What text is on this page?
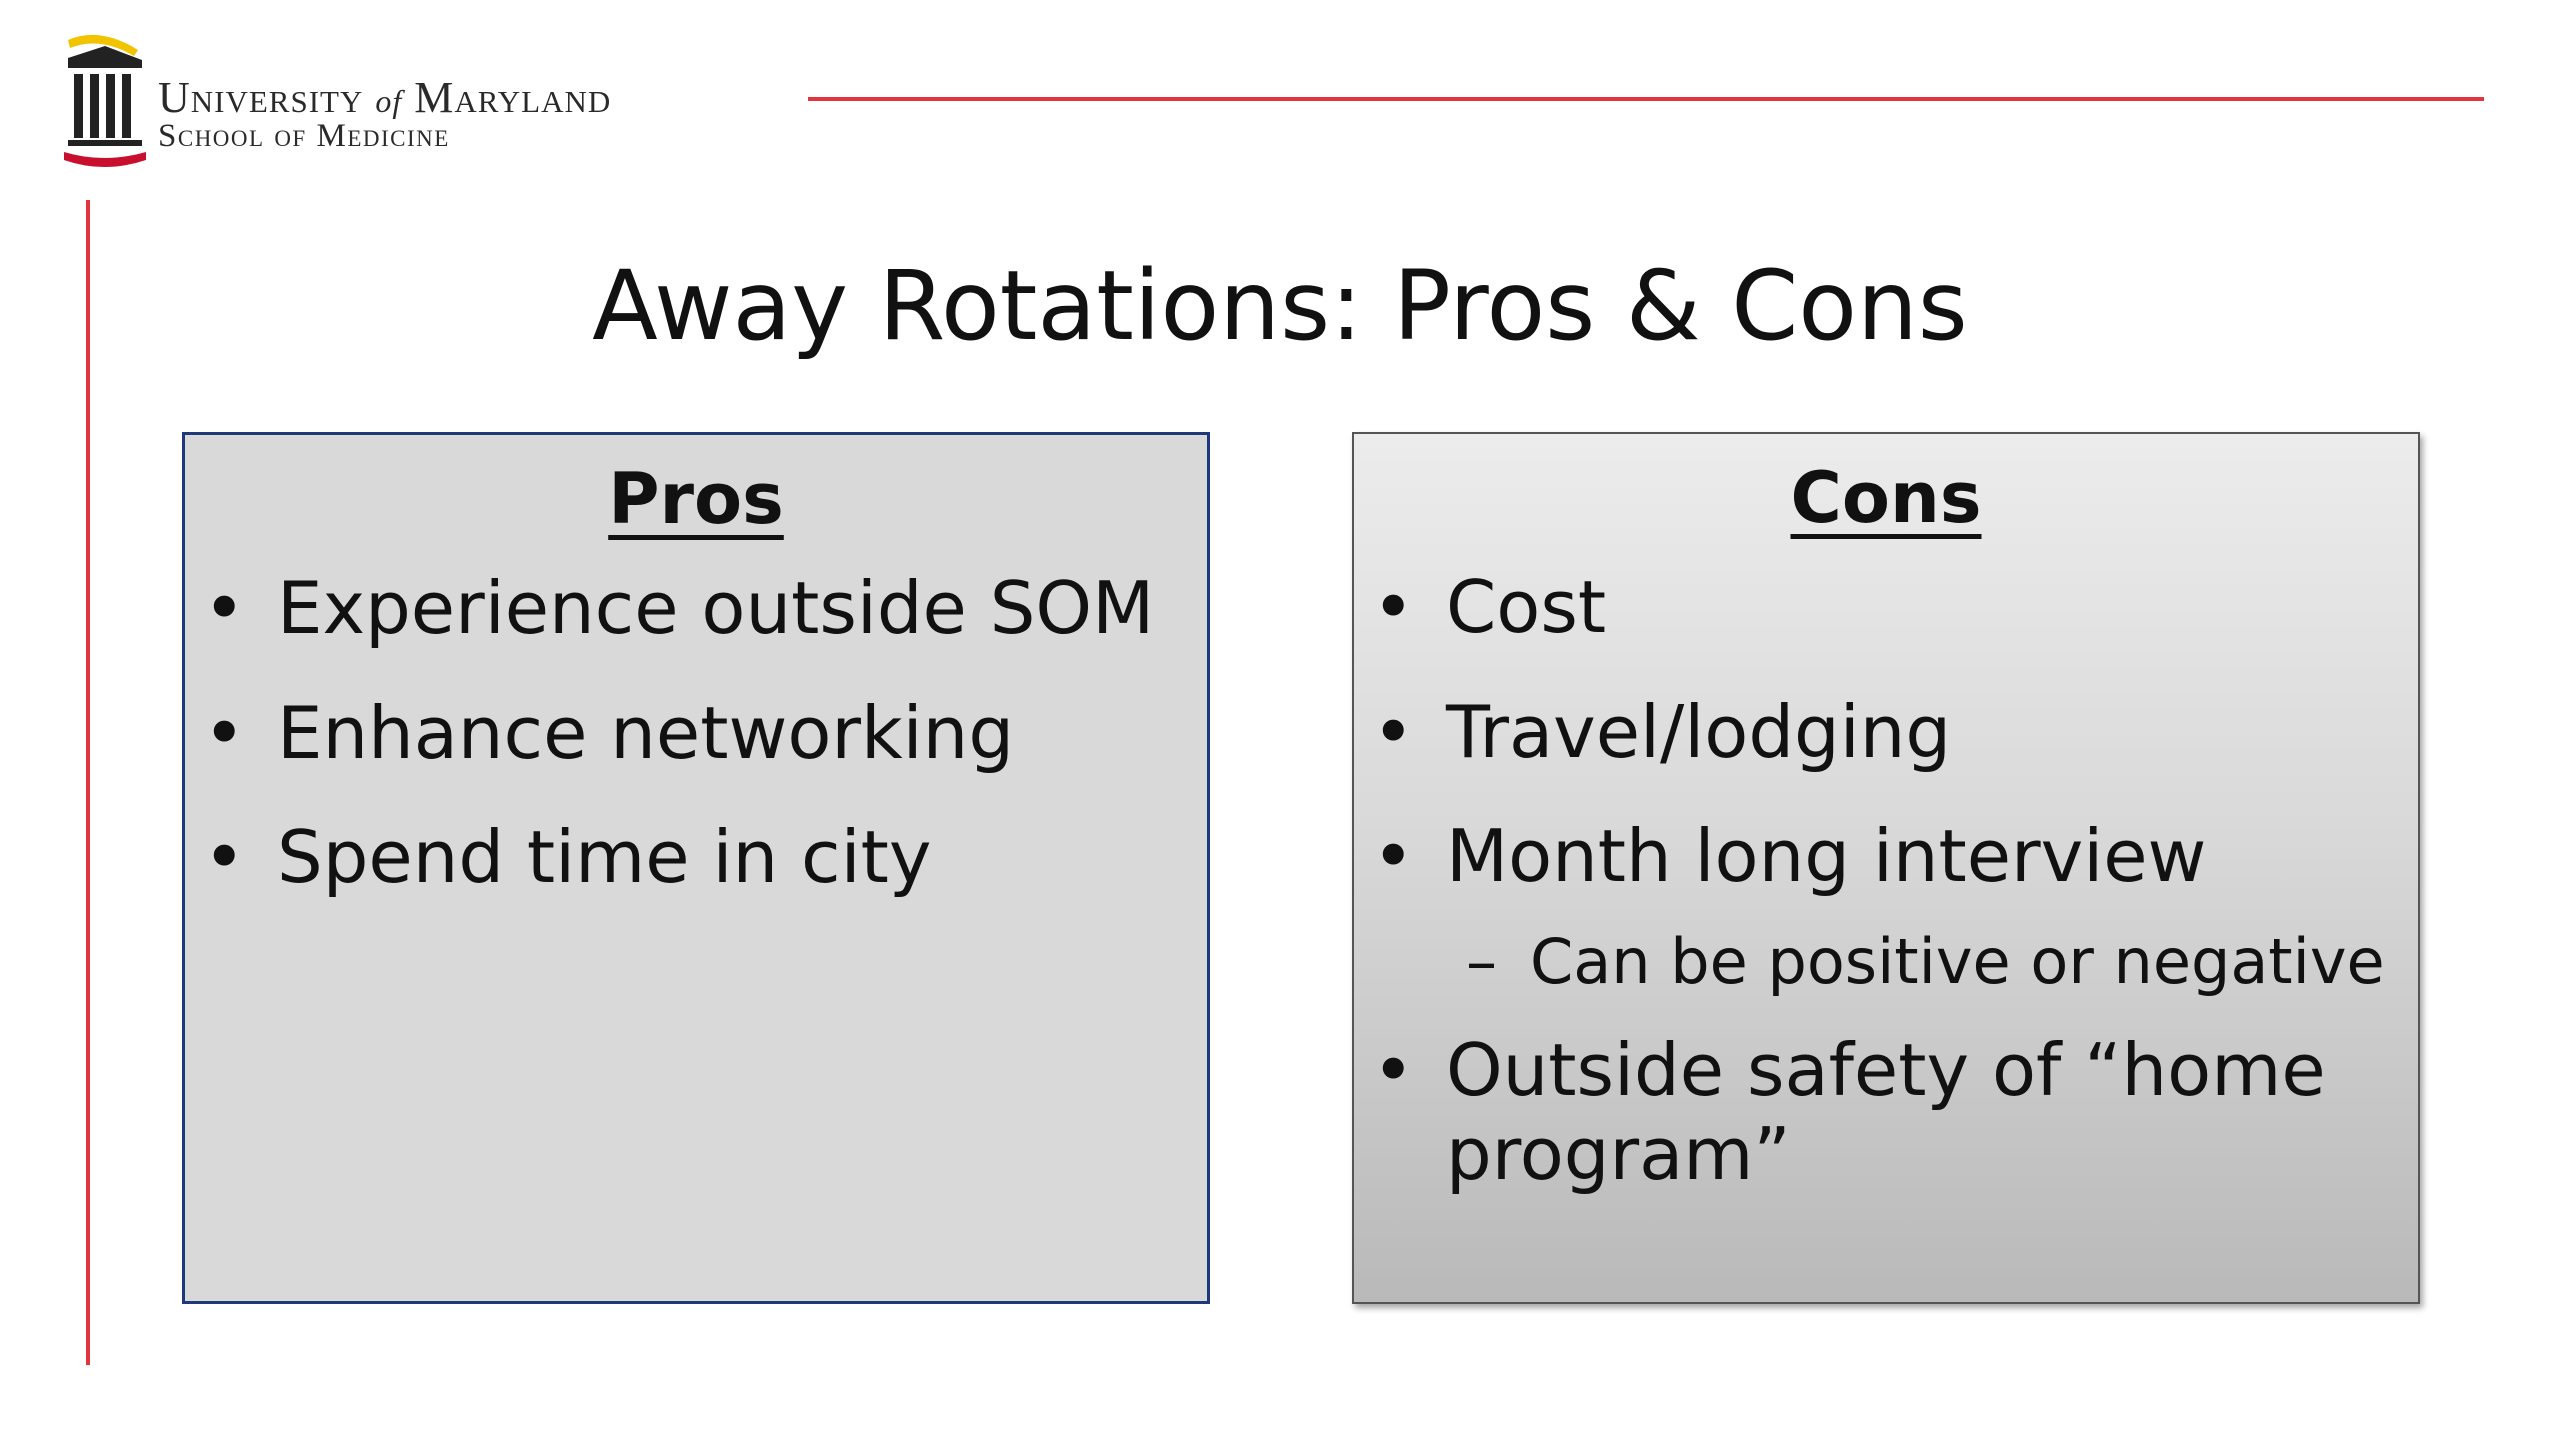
University of Maryland
School of Medicine
Away Rotations: Pros & Cons
Pros
• Experience outside SOM
• Enhance networking
• Spend time in city
Cons
• Cost
• Travel/lodging
• Month long interview
– Can be positive or negative
• Outside safety of “home program”
